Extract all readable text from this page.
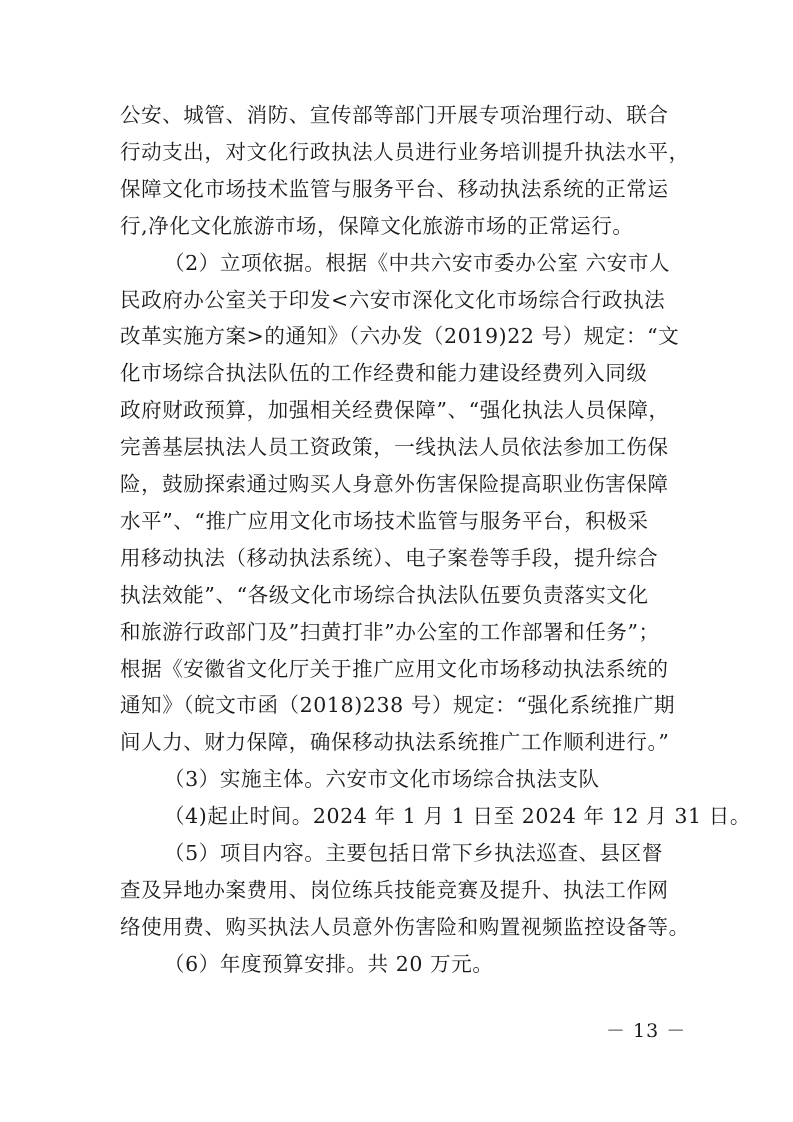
公安、城管、消防、宣传部等部门开展专项治理行动、联合
行动支出，对文化行政执法人员进行业务培训提升执法水平，
保障文化市场技术监管与服务平台、移动执法系统的正常运
行,净化文化旅游市场，保障文化旅游市场的正常运行。
（2）立项依据。根据《中共六安市委办公室 六安市人
民政府办公室关于印发<六安市深化文化市场综合行政执法
改革实施方案>的通知》（六办发（2019)22 号）规定：“文
化市场综合执法队伍的工作经费和能力建设经费列入同级
政府财政预算，加强相关经费保障”、“强化执法人员保障，
完善基层执法人员工资政策，一线执法人员依法参加工伤保
险，鼓励探索通过购买人身意外伤害保险提高职业伤害保障
水平”、“推广应用文化市场技术监管与服务平台，积极采
用移动执法（移动执法系统）、电子案卷等手段，提升综合
执法效能”、“各级文化市场综合执法队伍要负责落实文化
和旅游行政部门及”扫黄打非”办公室的工作部署和任务”；
根据《安徽省文化厅关于推广应用文化市场移动执法系统的
通知》（皖文市函（2018)238 号）规定：“强化系统推广期
间人力、财力保障，确保移动执法系统推广工作顺利进行。”
（3）实施主体。六安市文化市场综合执法支队
（4)起止时间。2024 年 1 月 1 日至 2024 年 12 月 31 日。
（5）项目内容。主要包括日常下乡执法巡查、县区督
查及异地办案费用、岗位练兵技能竞赛及提升、执法工作网
络使用费、购买执法人员意外伤害险和购置视频监控设备等。
（6）年度预算安排。共 20 万元。
－ 13 －
